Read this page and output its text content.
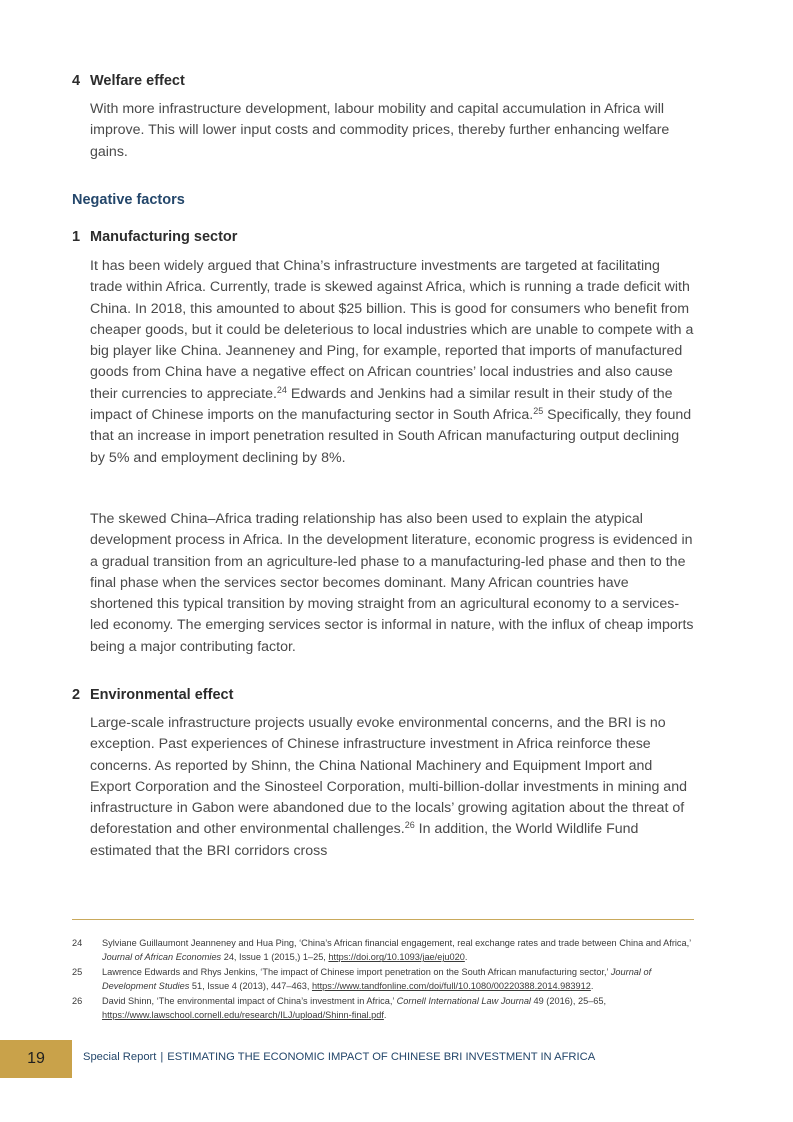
4 Welfare effect

With more infrastructure development, labour mobility and capital accumulation in Africa will improve. This will lower input costs and commodity prices, thereby further enhancing welfare gains.

Negative factors
1 Manufacturing sector

It has been widely argued that China’s infrastructure investments are targeted at facilitating trade within Africa. Currently, trade is skewed against Africa, which is running a trade deficit with China. In 2018, this amounted to about $25 billion. This is good for consumers who benefit from cheaper goods, but it could be deleterious to local industries which are unable to compete with a big player like China. Jeanneney and Ping, for example, reported that imports of manufactured goods from China have a negative effect on African countries’ local industries and also cause their currencies to appreciate.$^{24}$ Edwards and Jenkins had a similar result in their study of the impact of Chinese imports on the manufacturing sector in South Africa.$^{25}$ Specifically, they found that an increase in import penetration resulted in South African manufacturing output declining by 5% and employment declining by 8%.

The skewed China–Africa trading relationship has also been used to explain the atypical development process in Africa. In the development literature, economic progress is evidenced in a gradual transition from an agriculture-led phase to a manufacturing-led phase and then to the final phase when the services sector becomes dominant. Many African countries have shortened this typical transition by moving straight from an agricultural economy to a services-led economy. The emerging services sector is informal in nature, with the influx of cheap imports being a major contributing factor.

2 Environmental effect

Large-scale infrastructure projects usually evoke environmental concerns, and the BRI is no exception. Past experiences of Chinese infrastructure investment in Africa reinforce these concerns. As reported by Shinn, the China National Machinery and Equipment Import and Export Corporation and the Sinosteel Corporation, multi-billion-dollar investments in mining and infrastructure in Gabon were abandoned due to the locals’ growing agitation about the threat of deforestation and other environmental challenges.$^{26}$ In addition, the World Wildlife Fund estimated that the BRI corridors cross

24 Sylviane Guillaumont Jeanneney and Hua Ping, ‘China’s African financial engagement, real exchange rates and trade between China and Africa,’ Journal of African Economies 24, Issue 1 (2015,) 1–25, https://doi.org/10.1093/jae/eju020.
25 Lawrence Edwards and Rhys Jenkins, ‘The impact of Chinese import penetration on the South African manufacturing sector,’ Journal of Development Studies 51, Issue 4 (2013), 447–463, https://www.tandfonline.com/doi/full/10.1080/00220388.2014.983912.
26 David Shinn, ‘The environmental impact of China’s investment in Africa,’ Cornell International Law Journal 49 (2016), 25–65, https://www.lawschool.cornell.edu/research/ILJ/upload/Shinn-final.pdf.
19	Special Report | ESTIMATING THE ECONOMIC IMPACT OF CHINESE BRI INVESTMENT IN AFRICA
